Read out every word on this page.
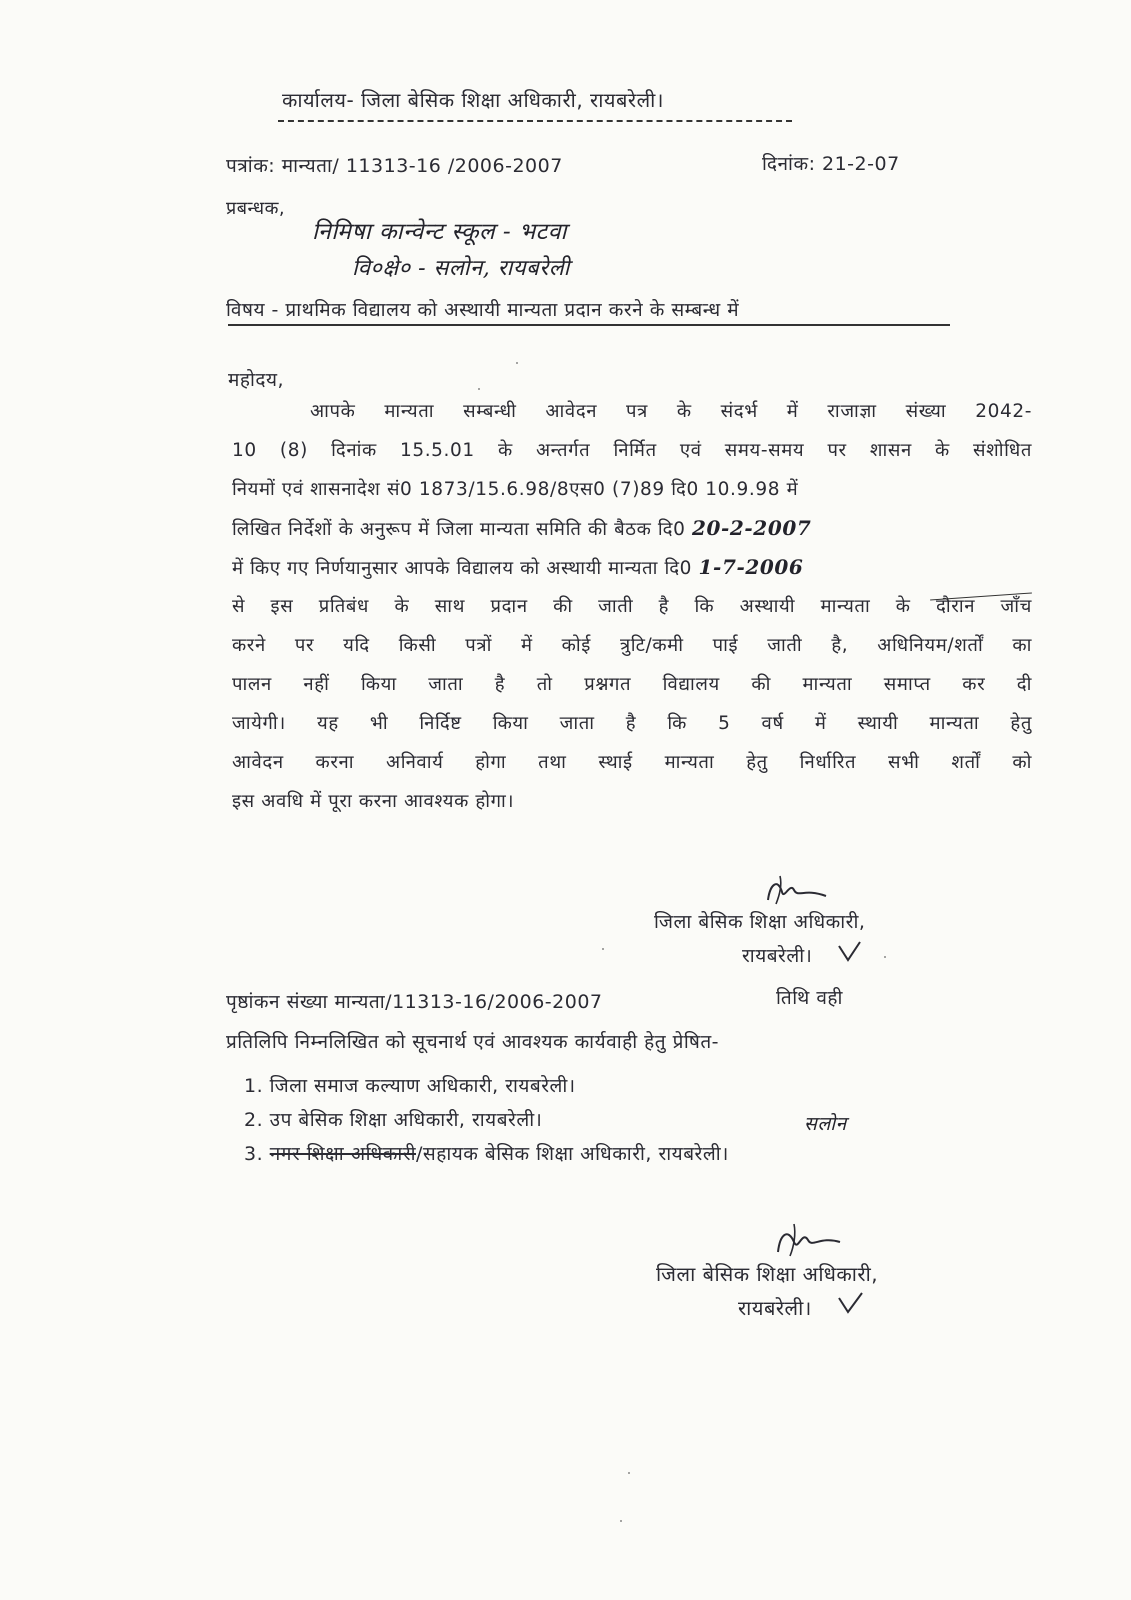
कार्यालय- जिला बेसिक शिक्षा अधिकारी, रायबरेली।
पत्रांक: मान्यता/ 11313-16 /2006-2007	दिनांक: 21-2-07
प्रबन्धक,
निमिषा कान्वेन्ट स्कूल - भटवा
वि०क्षे० - सलोन, रायबरेली
विषय - प्राथमिक विद्यालय को अस्थायी मान्यता प्रदान करने के सम्बन्ध में
महोदय,
आपके मान्यता सम्बन्धी आवेदन पत्र के संदर्भ में राजाज्ञा संख्या 2042-
10 (8) दिनांक 15.5.01 के अन्तर्गत निर्मित एवं समय-समय पर शासन के संशोधित
नियमों एवं शासनादेश सं0 1873/15.6.98/8एस0 (7)89 दि0 10.9.98 में
लिखित निर्देशों के अनुरूप में जिला मान्यता समिति की बैठक दि0 20-2-2007
में किए गए निर्णयानुसार आपके विद्यालय को अस्थायी मान्यता दि0 1-7-2006
से इस प्रतिबंध के साथ प्रदान की जाती है कि अस्थायी मान्यता के दौरान जाँच
करने पर यदि किसी पत्रों में कोई त्रुटि/कमी पाई जाती है, अधिनियम/शर्तों का
पालन नहीं किया जाता है तो प्रश्नगत विद्यालय की मान्यता समाप्त कर दी
जायेगी। यह भी निर्दिष्ट किया जाता है कि 5 वर्ष में स्थायी मान्यता हेतु
आवेदन करना अनिवार्य होगा तथा स्थाई मान्यता हेतु निर्धारित सभी शर्तों को
इस अवधि में पूरा करना आवश्यक होगा।
जिला बेसिक शिक्षा अधिकारी,
रायबरेली।
पृष्ठांकन संख्या मान्यता/11313-16/2006-2007	तिथि वही
प्रतिलिपि निम्नलिखित को सूचनार्थ एवं आवश्यक कार्यवाही हेतु प्रेषित-
1. जिला समाज कल्याण अधिकारी, रायबरेली।
2. उप बेसिक शिक्षा अधिकारी, रायबरेली।
3. नगर शिक्षा अधिकारी/सहायक बेसिक शिक्षा अधिकारी, रायबरेली।
सलोन
जिला बेसिक शिक्षा अधिकारी,
रायबरेली।
